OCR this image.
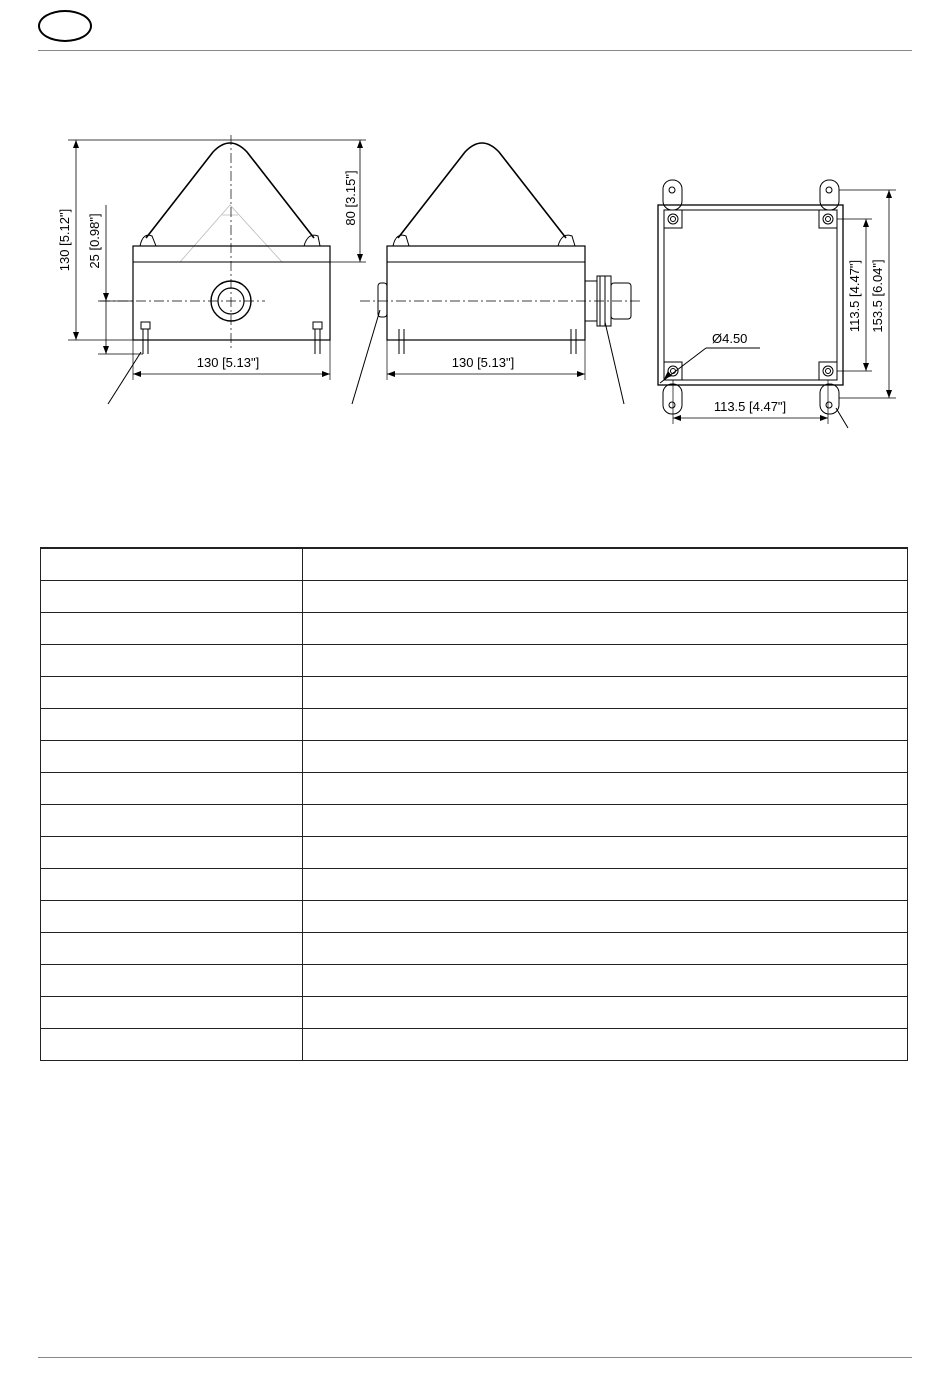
130 [5.12"] 25 [0.98"]
80 [3.15"]
130 [5.13"]	130 [5.13"]
Ø4.50
113.5 [4.47"]
113.5 [4.47"] 153.5 [6.04"]
